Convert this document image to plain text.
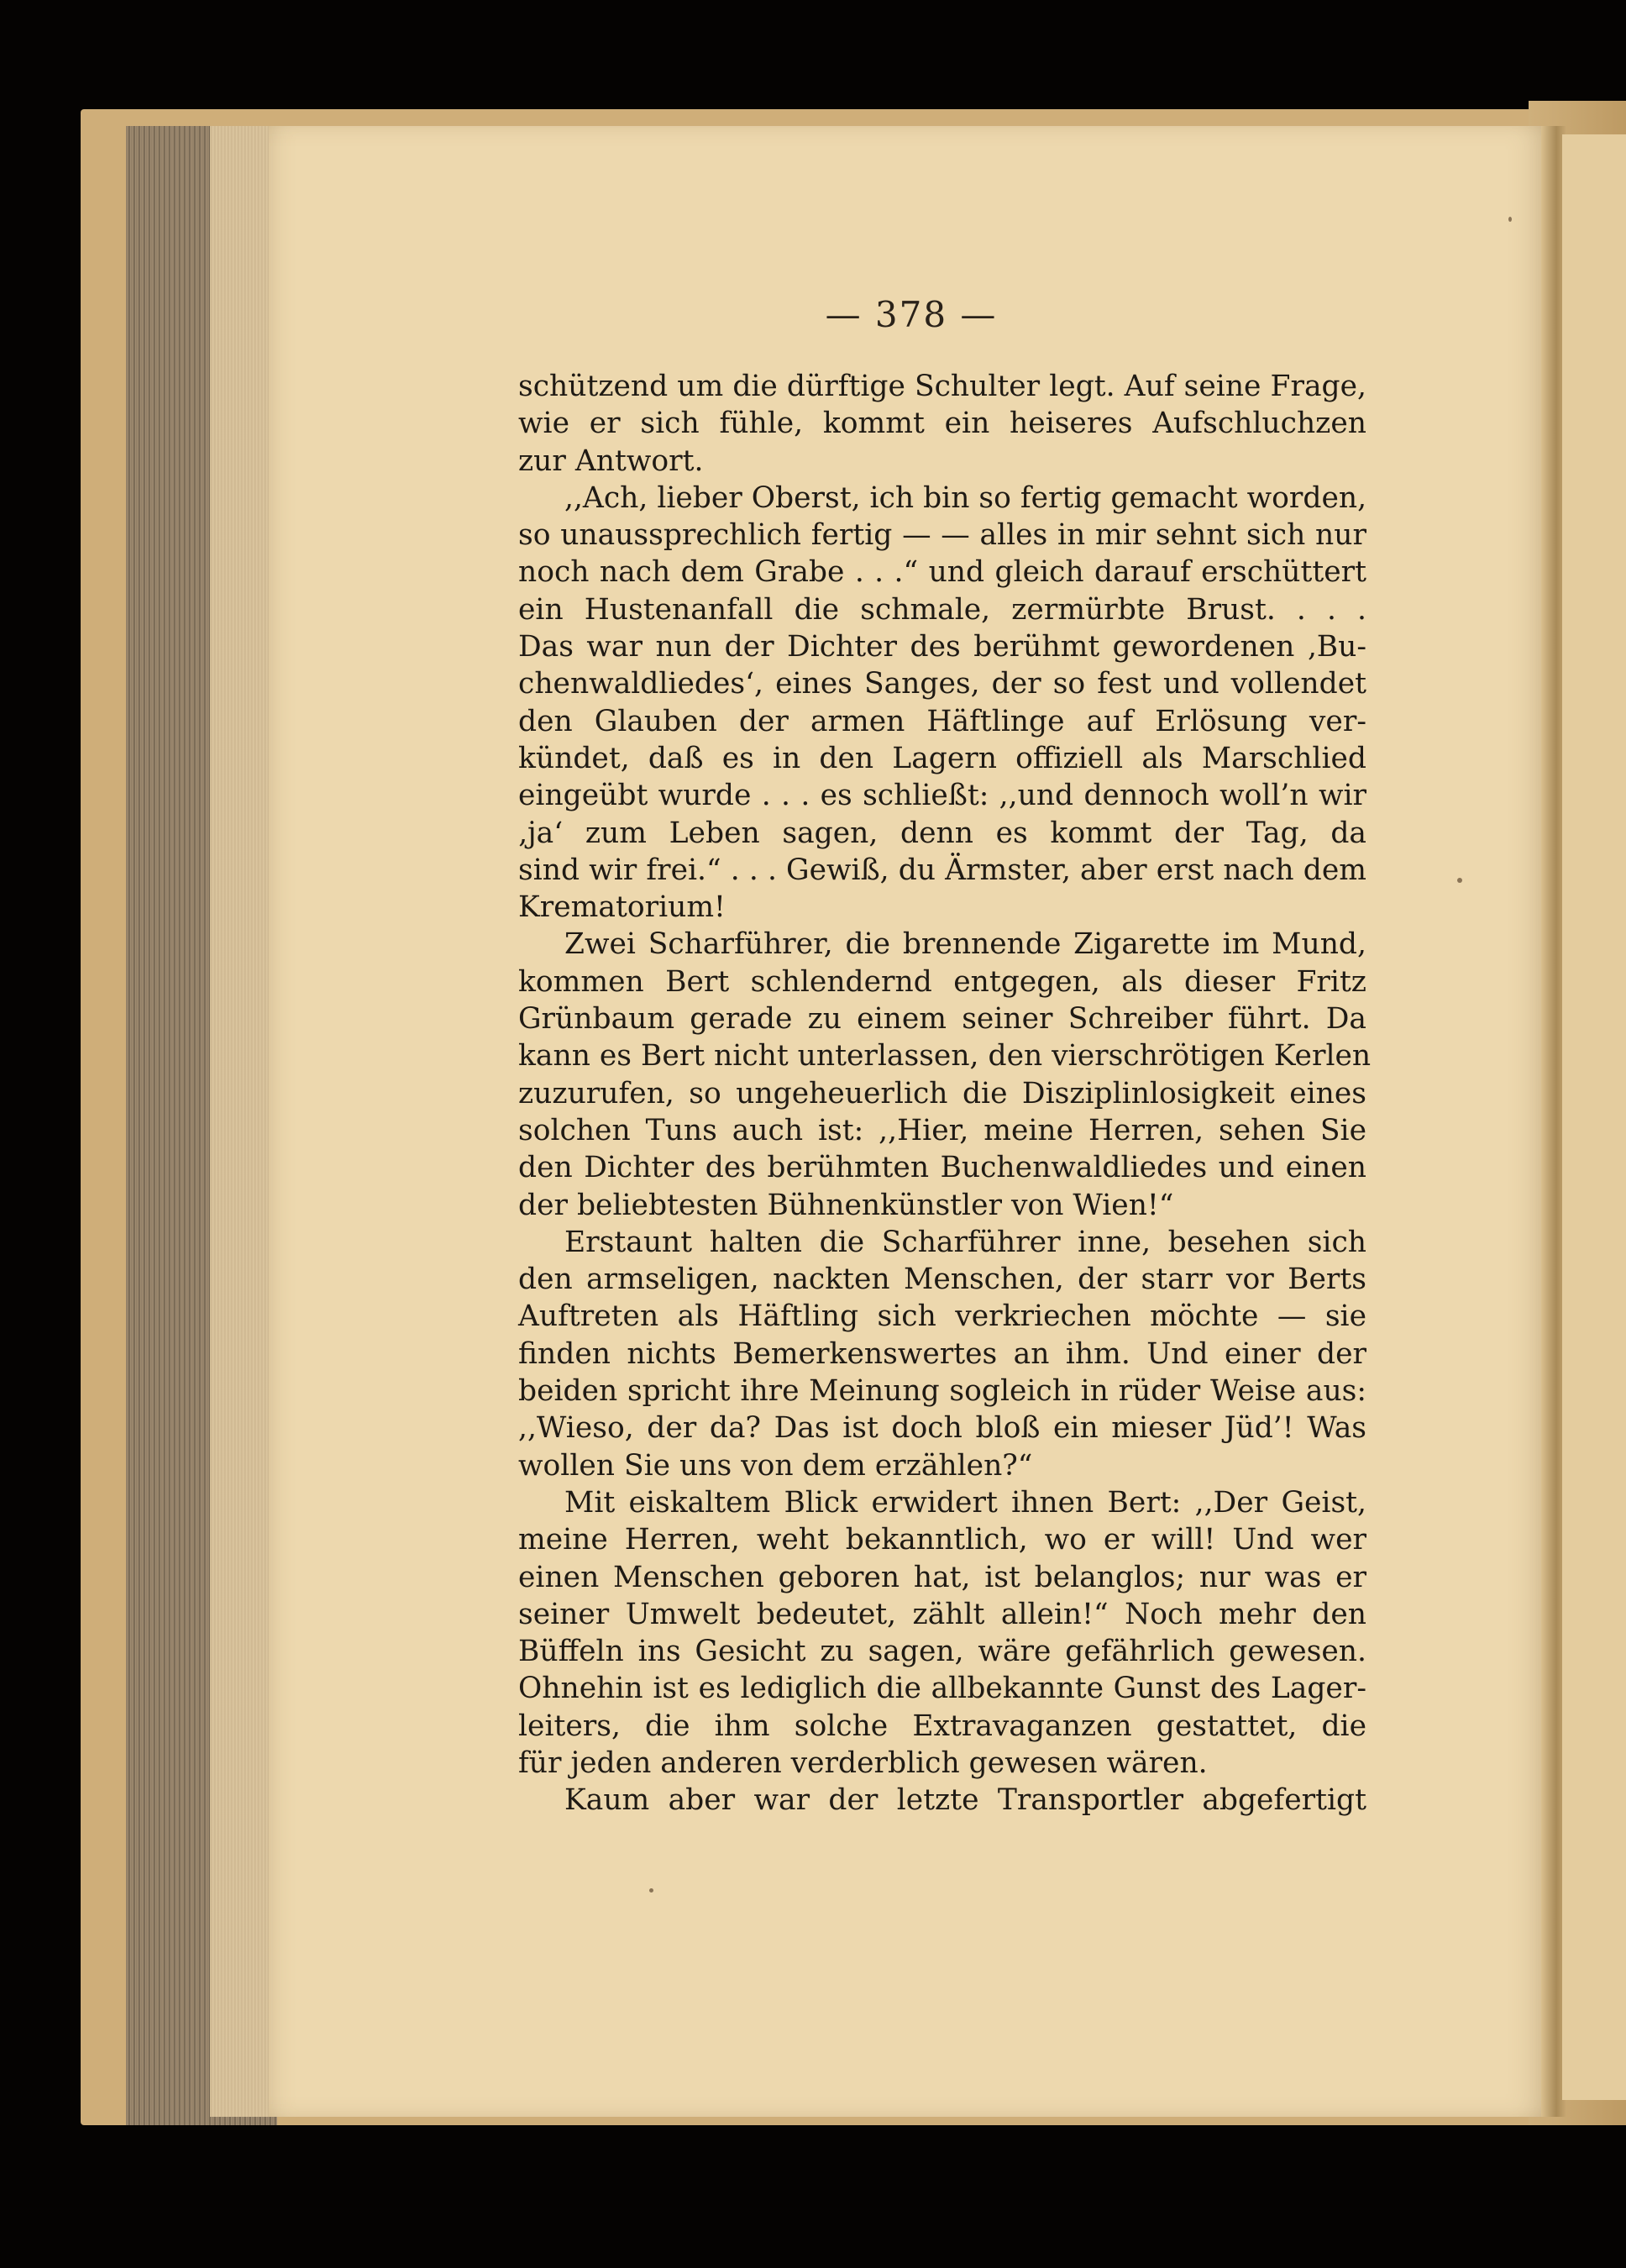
— 378 —
schützend um die dürftige Schulter legt. Auf seine Frage,
wie er sich fühle, kommt ein heiseres Aufschluchzen
zur Antwort.
,,Ach, lieber Oberst, ich bin so fertig gemacht worden,
so unaussprechlich fertig — — alles in mir sehnt sich nur
noch nach dem Grabe . . .“ und gleich darauf erschüttert
ein Hustenanfall die schmale, zermürbte Brust. . . .
Das war nun der Dichter des berühmt gewordenen ‚Bu-
chenwaldliedes‘, eines Sanges, der so fest und vollendet
den Glauben der armen Häftlinge auf Erlösung ver-
kündet, daß es in den Lagern offiziell als Marschlied
eingeübt wurde . . . es schließt: ,,und dennoch woll’n wir
‚ja‘ zum Leben sagen, denn es kommt der Tag, da
sind wir frei.“ . . . Gewiß, du Ärmster, aber erst nach dem
Krematorium!
Zwei Scharführer, die brennende Zigarette im Mund,
kommen Bert schlendernd entgegen, als dieser Fritz
Grünbaum gerade zu einem seiner Schreiber führt. Da
kann es Bert nicht unterlassen, den vierschrötigen Kerlen
zuzurufen, so ungeheuerlich die Disziplinlosigkeit eines
solchen Tuns auch ist: ,,Hier, meine Herren, sehen Sie
den Dichter des berühmten Buchenwaldliedes und einen
der beliebtesten Bühnenkünstler von Wien!“
Erstaunt halten die Scharführer inne, besehen sich
den armseligen, nackten Menschen, der starr vor Berts
Auftreten als Häftling sich verkriechen möchte — sie
finden nichts Bemerkenswertes an ihm. Und einer der
beiden spricht ihre Meinung sogleich in rüder Weise aus:
,,Wieso, der da? Das ist doch bloß ein mieser Jüd’! Was
wollen Sie uns von dem erzählen?“
Mit eiskaltem Blick erwidert ihnen Bert: ,,Der Geist,
meine Herren, weht bekanntlich, wo er will! Und wer
einen Menschen geboren hat, ist belanglos; nur was er
seiner Umwelt bedeutet, zählt allein!“ Noch mehr den
Büffeln ins Gesicht zu sagen, wäre gefährlich gewesen.
Ohnehin ist es lediglich die allbekannte Gunst des Lager-
leiters, die ihm solche Extravaganzen gestattet, die
für jeden anderen verderblich gewesen wären.
Kaum aber war der letzte Transportler abgefertigt
